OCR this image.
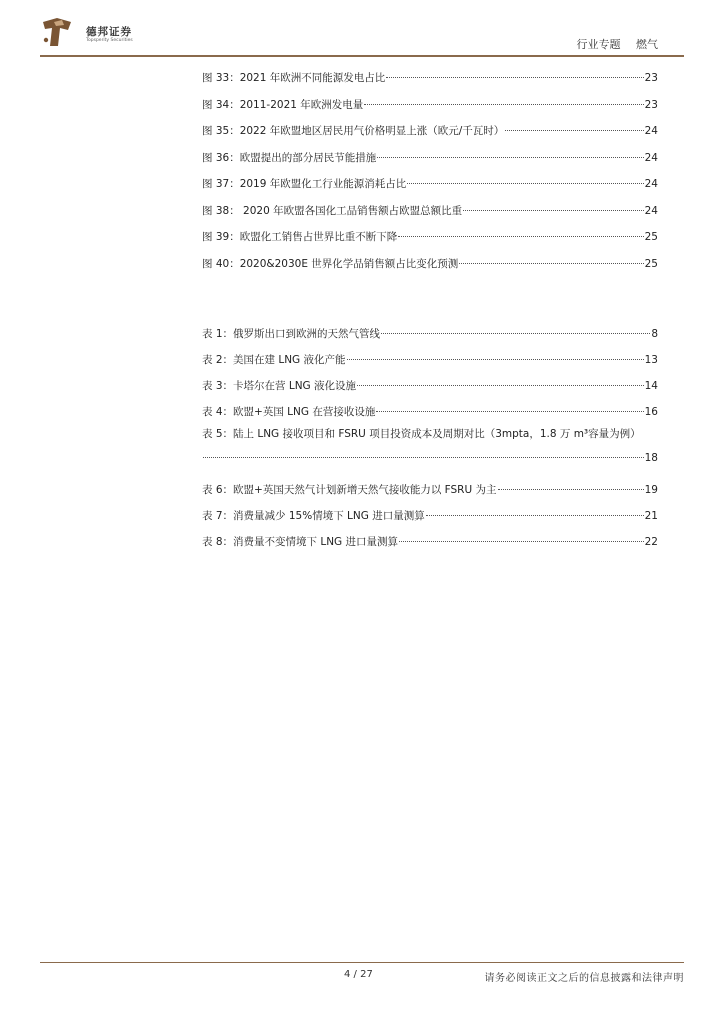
德邦证券
Topsperity Securities	行业专题 燃气
图 33：2021 年欧洲不同能源发电占比	23
图 34：2011-2021 年欧洲发电量	23
图 35：2022 年欧盟地区居民用气价格明显上涨（欧元/千瓦时）	24
图 36：欧盟提出的部分居民节能措施	24
图 37：2019 年欧盟化工行业能源消耗占比	24
图 38： 2020 年欧盟各国化工品销售额占欧盟总额比重	24
图 39：欧盟化工销售占世界比重不断下降	25
图 40：2020&2030E 世界化学品销售额占比变化预测	25
表 1：俄罗斯出口到欧洲的天然气管线	8
表 2：美国在建 LNG 液化产能	13
表 3：卡塔尔在营 LNG 液化设施	14
表 4：欧盟+英国 LNG 在营接收设施	16
表 5：陆上 LNG 接收项目和 FSRU 项目投资成本及周期对比（3mpta，1.8 万 m³容量为例）
18
表 6：欧盟+英国天然气计划新增天然气接收能力以 FSRU 为主	19
表 7：消费量减少 15%情境下 LNG 进口量测算	21
表 8：消费量不变情境下 LNG 进口量测算	22
4 / 27	请务必阅读正文之后的信息披露和法律声明
